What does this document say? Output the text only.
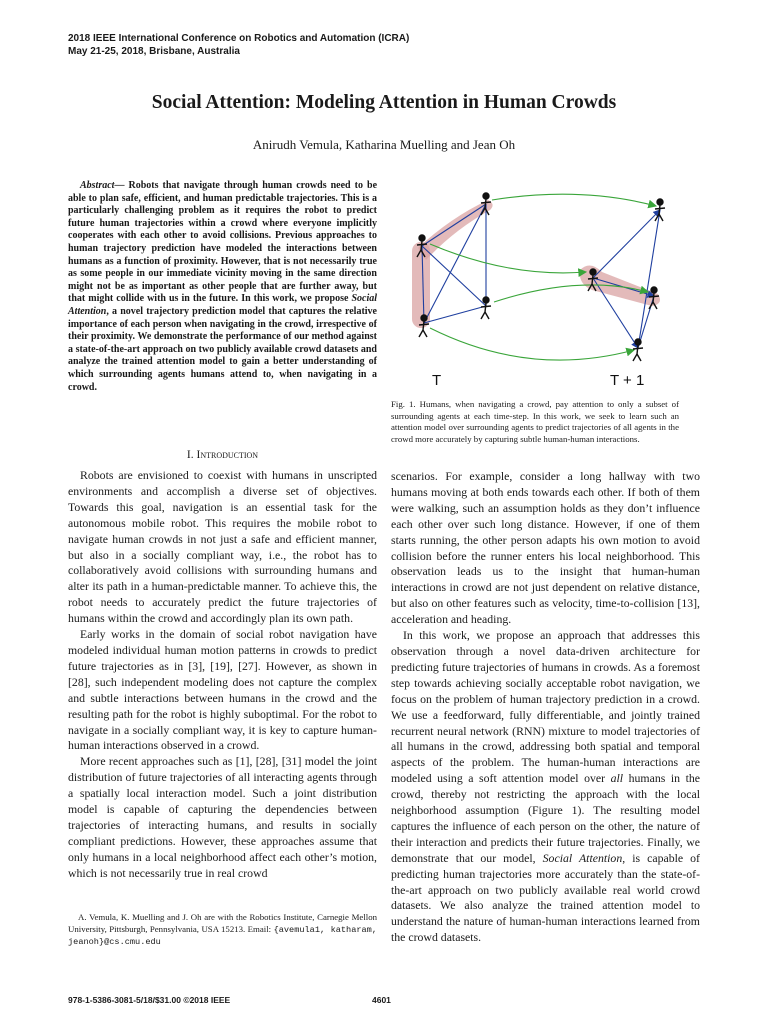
2018 IEEE International Conference on Robotics and Automation (ICRA)
May 21-25, 2018, Brisbane, Australia
Social Attention: Modeling Attention in Human Crowds
Anirudh Vemula, Katharina Muelling and Jean Oh
Abstract— Robots that navigate through human crowds need to be able to plan safe, efficient, and human predictable trajectories. This is a particularly challenging problem as it requires the robot to predict future human trajectories within a crowd where everyone implicitly cooperates with each other to avoid collisions. Previous approaches to human trajectory prediction have modeled the interactions between humans as a function of proximity. However, that is not necessarily true as some people in our immediate vicinity moving in the same direction might not be as important as other people that are further away, but that might collide with us in the future. In this work, we propose Social Attention, a novel trajectory prediction model that captures the relative importance of each person when navigating in the crowd, irrespective of their proximity. We demonstrate the performance of our method against a state-of-the-art approach on two publicly available crowd datasets and analyze the trained attention model to gain a better understanding of which surrounding agents humans attend to, when navigating in a crowd.
I. Introduction

Robots are envisioned to coexist with humans in unscripted environments and accomplish a diverse set of objectives. Towards this goal, navigation is an essential task for the autonomous mobile robot. This requires the mobile robot to navigate human crowds in not just a safe and efficient manner, but also in a socially compliant way, i.e., the robot has to collaboratively avoid collisions with surrounding humans and alter its path in a human-predictable manner. To achieve this, the robot needs to accurately predict the future trajectories of humans within the crowd and accordingly plan its own path.

Early works in the domain of social robot navigation have modeled individual human motion patterns in crowds to predict future trajectories as in [3], [19], [27]. However, as shown in [28], such independent modeling does not capture the complex and subtle interactions between humans in the crowd and the resulting path for the robot is highly suboptimal. For the robot to navigate in a socially compliant way, it is key to capture human-human interactions observed in a crowd.

More recent approaches such as [1], [28], [31] model the joint distribution of future trajectories of all interacting agents through a spatially local interaction model. Such a joint distribution model is capable of capturing the dependencies between trajectories of interacting humans, and results in socially compliant predictions. However, these approaches assume that only humans in a local neighborhood affect each other’s motion, which is not necessarily true in real crowd

A. Vemula, K. Muelling and J. Oh are with the Robotics Institute, Carnegie Mellon University, Pittsburgh, Pennsylvania, USA 15213. Email: {avemula1, katharam, jeanoh}@cs.cmu.edu
T	T + 1
Fig. 1. Humans, when navigating a crowd, pay attention to only a subset of surrounding agents at each time-step. In this work, we seek to learn such an attention model over surrounding agents to predict trajectories of all agents in the crowd more accurately by capturing subtle human-human interactions.

scenarios. For example, consider a long hallway with two humans moving at both ends towards each other. If both of them were walking, such an assumption holds as they don’t influence each other over such long distance. However, if one of them starts running, the other person adapts his own motion to avoid collision before the runner enters his local neighborhood. This observation leads us to the insight that human-human interactions in crowd are not just dependent on relative distance, but also on other features such as velocity, time-to-collision [13], acceleration and heading.

In this work, we propose an approach that addresses this observation through a novel data-driven architecture for predicting future trajectories of humans in crowds. As a foremost step towards achieving socially acceptable robot navigation, we focus on the problem of human trajectory prediction in a crowd. We use a feedforward, fully differentiable, and jointly trained recurrent neural network (RNN) mixture to model trajectories of all humans in the crowd, addressing both spatial and temporal aspects of the problem. The human-human interactions are modeled using a soft attention model over all humans in the crowd, thereby not restricting the approach with the local neighborhood assumption (Figure 1). The resulting model captures the influence of each person on the other, the nature of their interaction and predicts their future trajectories. Finally, we demonstrate that our model, Social Attention, is capable of predicting human trajectories more accurately than the state-of-the-art approach on two publicly available real world crowd datasets. We also analyze the trained attention model to understand the nature of human-human interactions learned from the crowd datasets.

978-1-5386-3081-5/18/$31.00 ©2018 IEEE	4601
